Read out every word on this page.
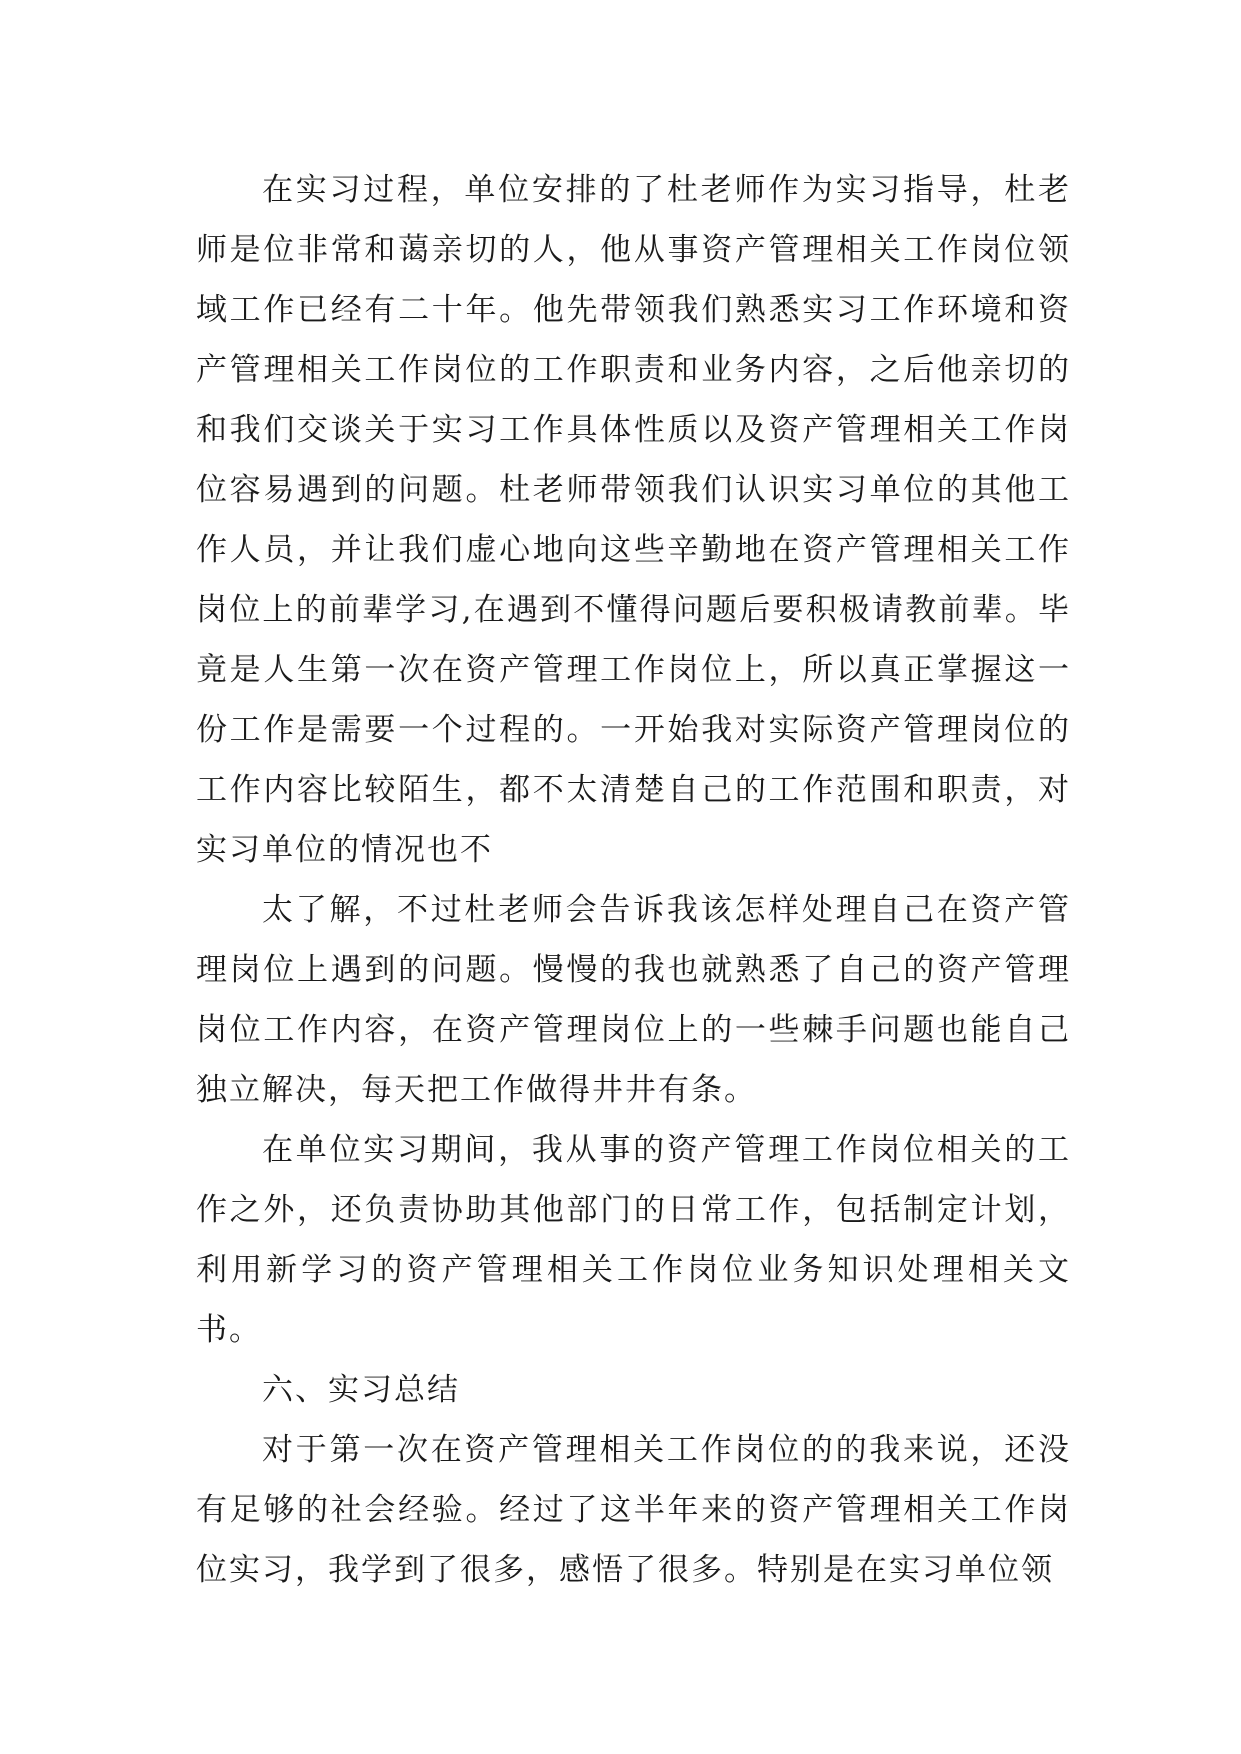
在实习过程，单位安排的了杜老师作为实习指导，杜老师是位非常和蔼亲切的人，他从事资产管理相关工作岗位领域工作已经有二十年。他先带领我们熟悉实习工作环境和资产管理相关工作岗位的工作职责和业务内容，之后他亲切的和我们交谈关于实习工作具体性质以及资产管理相关工作岗位容易遇到的问题。杜老师带领我们认识实习单位的其他工作人员，并让我们虚心地向这些辛勤地在资产管理相关工作岗位上的前辈学习,在遇到不懂得问题后要积极请教前辈。毕竟是人生第一次在资产管理工作岗位上，所以真正掌握这一份工作是需要一个过程的。一开始我对实际资产管理岗位的工作内容比较陌生，都不太清楚自己的工作范围和职责，对实习单位的情况也不

太了解，不过杜老师会告诉我该怎样处理自己在资产管理岗位上遇到的问题。慢慢的我也就熟悉了自己的资产管理岗位工作内容，在资产管理岗位上的一些棘手问题也能自己独立解决，每天把工作做得井井有条。

在单位实习期间，我从事的资产管理工作岗位相关的工作之外，还负责协助其他部门的日常工作，包括制定计划，利用新学习的资产管理相关工作岗位业务知识处理相关文书。

六、实习总结

对于第一次在资产管理相关工作岗位的的我来说，还没有足够的社会经验。经过了这半年来的资产管理相关工作岗位实习，我学到了很多，感悟了很多。特别是在实习单位领
